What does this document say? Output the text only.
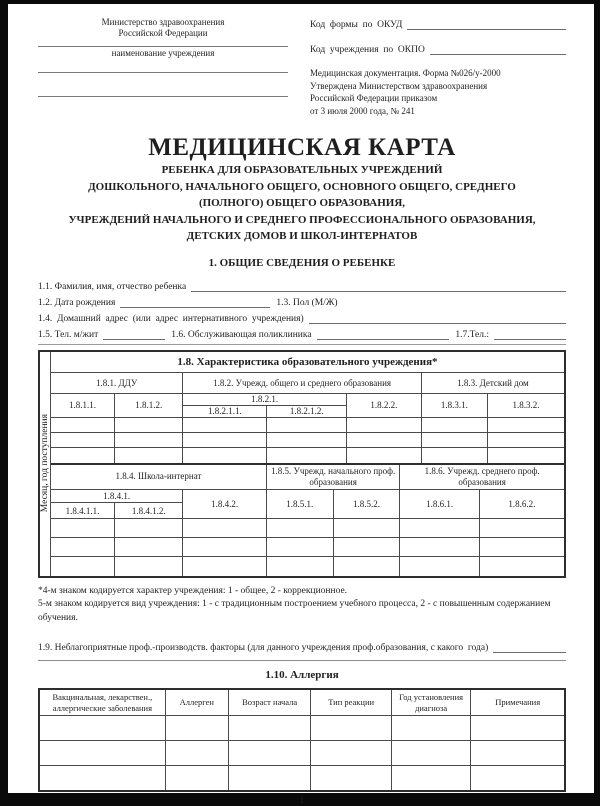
Министерство здравоохранения
Российской Федерации
наименование учреждения
Код  формы  по  ОКУД
Код  учреждения  по  ОКПО
Медицинская документация. Форма №026/у-2000
Утверждена Министерством здравоохранения
Российской Федерации приказом
от 3 июля 2000 года, № 241
МЕДИЦИНСКАЯ КАРТА
РЕБЕНКА ДЛЯ ОБРАЗОВАТЕЛЬНЫХ УЧРЕЖДЕНИЙ
ДОШКОЛЬНОГО, НАЧАЛЬНОГО ОБЩЕГО, ОСНОВНОГО ОБЩЕГО, СРЕДНЕГО
(ПОЛНОГО) ОБЩЕГО ОБРАЗОВАНИЯ,
УЧРЕЖДЕНИЙ НАЧАЛЬНОГО И СРЕДНЕГО ПРОФЕССИОНАЛЬНОГО ОБРАЗОВАНИЯ,
ДЕТСКИХ ДОМОВ И ШКОЛ-ИНТЕРНАТОВ
1. ОБЩИЕ СВЕДЕНИЯ О РЕБЕНКЕ
1.1. Фамилия, имя, отчество ребенка
1.2. Дата рождения	1.3. Пол (М/Ж)
1.4.  Домашний  адрес  (или  адрес  интернативного  учреждения)
1.5. Тел. м/жит	1.6. Обслуживающая поликлиника	1.7.Тел.:
Месяц, год поступления
1.8. Характеристика образовательного учреждения*						
1.8.1. ДДУ		1.8.2. Учрежд. общего и среднего образования			1.8.3. Детский дом	
1.8.1.1.	1.8.1.2.	1.8.2.1.		1.8.2.2.	1.8.3.1.	1.8.3.2.
		1.8.2.1.1.	1.8.2.1.2.			

1.8.4. Школа-интернат			1.8.5. Учрежд. начального проф. образования		1.8.6. Учрежд. среднего проф. образования	
1.8.4.1.		1.8.4.2.	1.8.5.1.	1.8.5.2.	1.8.6.1.	1.8.6.2.
1.8.4.1.1.	1.8.4.1.2.					

*4-м знаком кодируется характер учреждения: 1 - общее, 2 - коррекционное.
5-м знаком кодируется вид учреждения: 1 - с традиционным построением учебного процесса, 2 - с повышенным содержанием обучения.
1.9. Неблагоприятные проф.-производств. факторы (для данного учреждения проф.образования, с какого  года)
1.10. Аллергия
Вакцинальная, лекарствен., аллергические заболевания	Аллерген	Возраст начала	Тип реакции	Год установления диагноза	Примечания

1
